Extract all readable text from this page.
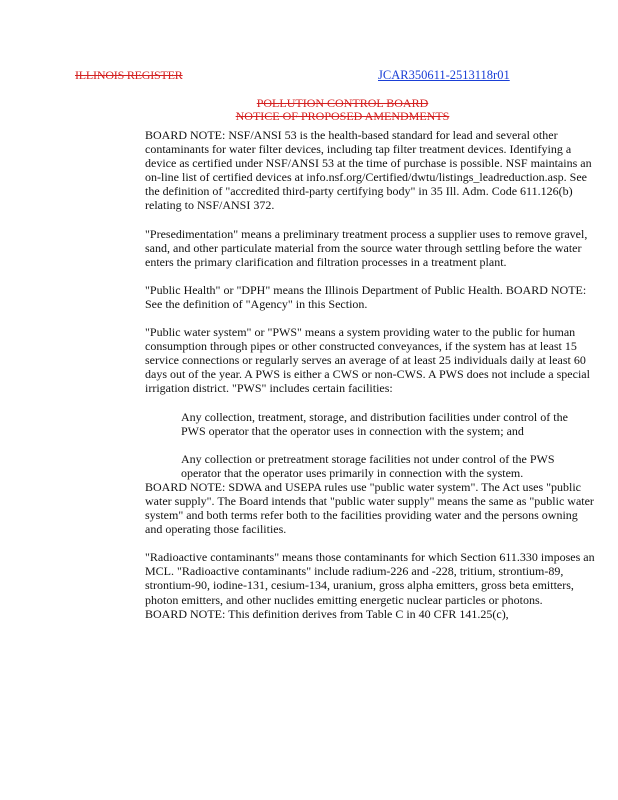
ILLINOIS REGISTER	JCAR350611-2513118r01
POLLUTION CONTROL BOARD
NOTICE OF PROPOSED AMENDMENTS

BOARD NOTE: NSF/ANSI 53 is the health-based standard for lead and several other contaminants for water filter devices, including tap filter treatment devices. Identifying a device as certified under NSF/ANSI 53 at the time of purchase is possible. NSF maintains an on-line list of certified devices at info.nsf.org/Certified/dwtu/listings_leadreduction.asp. See the definition of "accredited third-party certifying body" in 35 Ill. Adm. Code 611.126(b) relating to NSF/ANSI 372.

"Presedimentation" means a preliminary treatment process a supplier uses to remove gravel, sand, and other particulate material from the source water through settling before the water enters the primary clarification and filtration processes in a treatment plant.

"Public Health" or "DPH" means the Illinois Department of Public Health. BOARD NOTE: See the definition of "Agency" in this Section.

"Public water system" or "PWS" means a system providing water to the public for human consumption through pipes or other constructed conveyances, if the system has at least 15 service connections or regularly serves an average of at least 25 individuals daily at least 60 days out of the year. A PWS is either a CWS or non-CWS. A PWS does not include a special irrigation district. "PWS" includes certain facilities:

Any collection, treatment, storage, and distribution facilities under control of the PWS operator that the operator uses in connection with the system; and

Any collection or pretreatment storage facilities not under control of the PWS operator that the operator uses primarily in connection with the system.

BOARD NOTE: SDWA and USEPA rules use "public water system". The Act uses "public water supply". The Board intends that "public water supply" means the same as "public water system" and both terms refer both to the facilities providing water and the persons owning and operating those facilities.

"Radioactive contaminants" means those contaminants for which Section 611.330 imposes an MCL. "Radioactive contaminants" include radium-226 and -228, tritium, strontium-89, strontium-90, iodine-131, cesium-134, uranium, gross alpha emitters, gross beta emitters, photon emitters, and other nuclides emitting energetic nuclear particles or photons.

BOARD NOTE: This definition derives from Table C in 40 CFR 141.25(c),
